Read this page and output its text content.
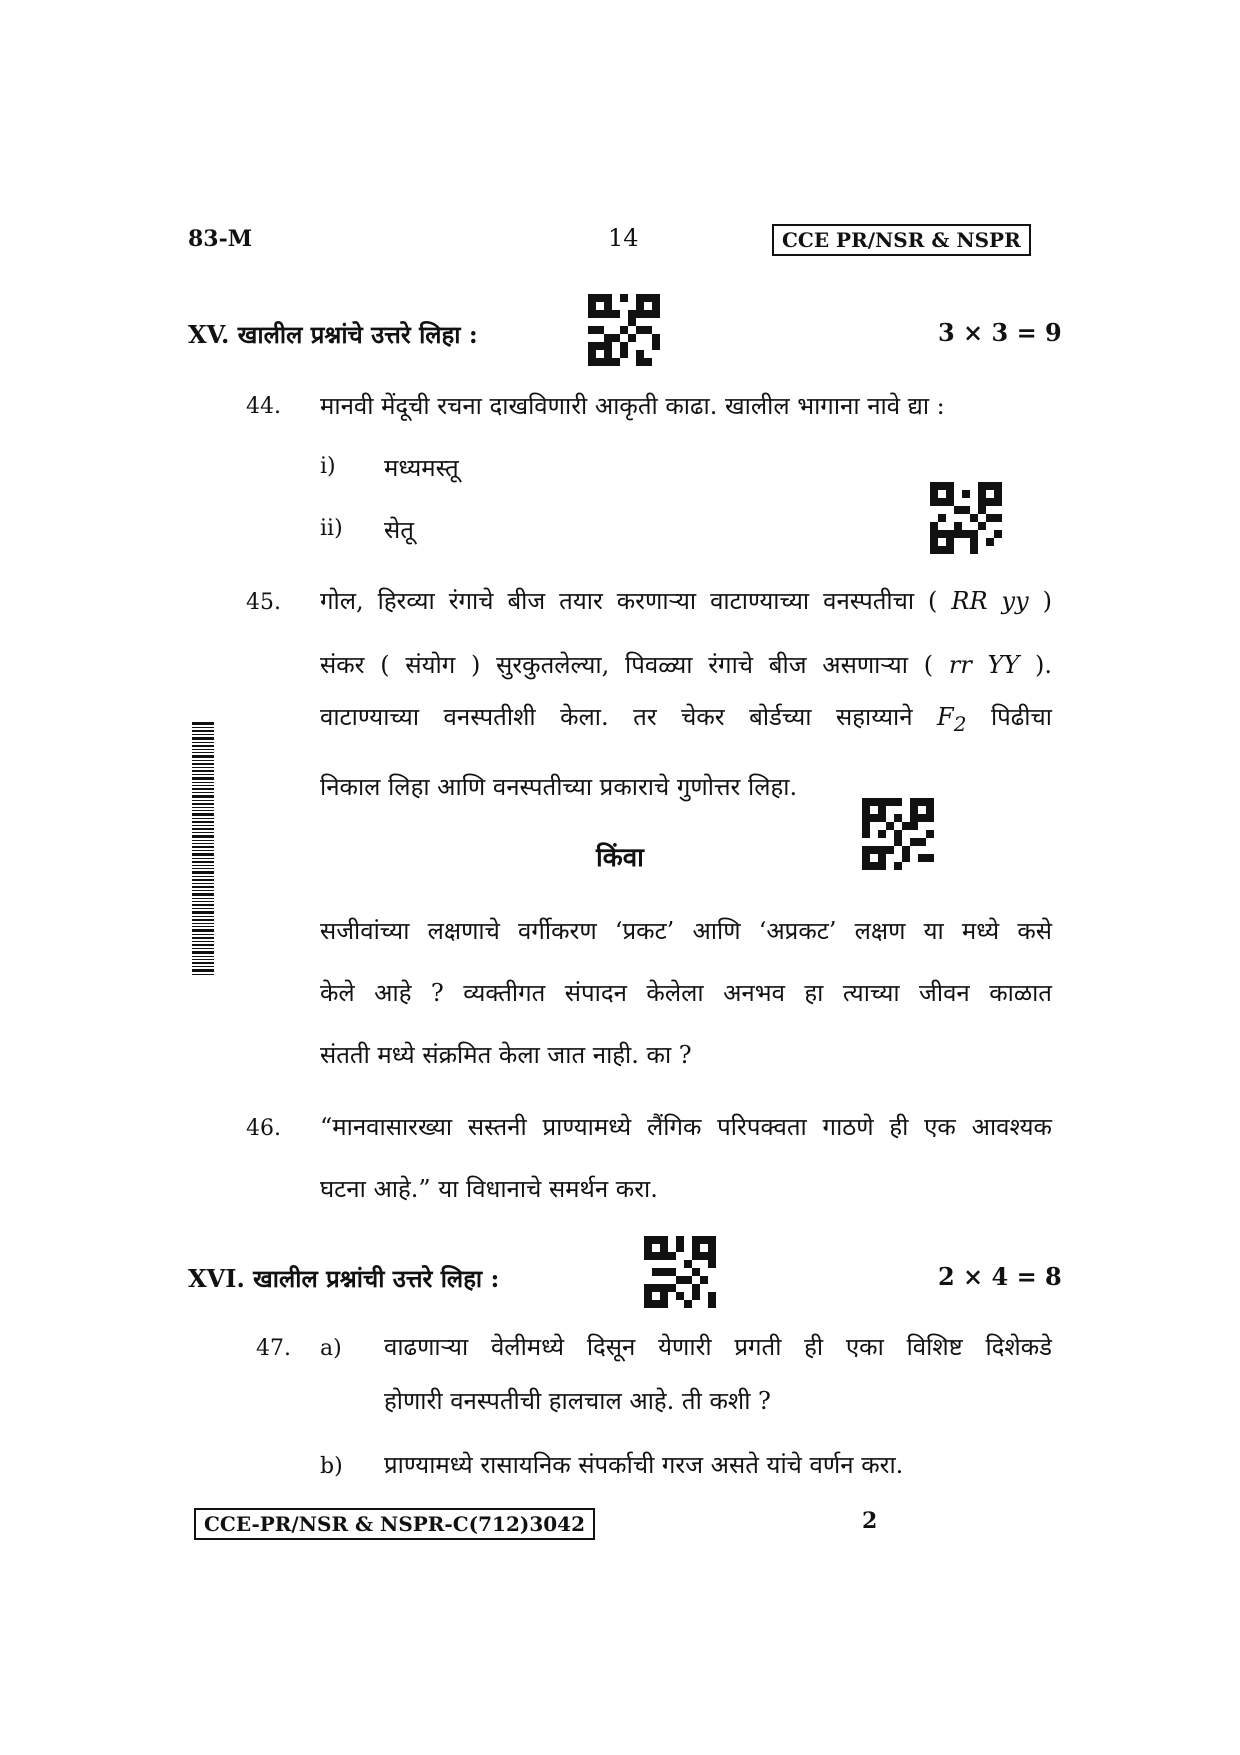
83-M	14	CCE PR/NSR & NSPR
XV. खालील प्रश्नांचे उत्तरे लिहा :	3 × 3 = 9
44. मानवी मेंदूची रचना दाखविणारी आकृती काढा. खालील भागाना नावे द्या :
i) मध्यमस्तू
ii) सेतू
45. गोल, हिरव्या रंगाचे बीज तयार करणाऱ्या वाटाण्याच्या वनस्पतीचा ( RR yy )
संकर ( संयोग ) सुरकुतलेल्या, पिवळ्या रंगाचे बीज असणाऱ्या ( rr YY ).
वाटाण्याच्या वनस्पतीशी केला. तर चेकर बोर्डच्या सहाय्याने $F_2$ पिढीचा
निकाल लिहा आणि वनस्पतीच्या प्रकाराचे गुणोत्तर लिहा.
किंवा
सजीवांच्या लक्षणाचे वर्गीकरण ‘प्रकट’ आणि ‘अप्रकट’ लक्षण या मध्ये कसे
केले आहे ? व्यक्तीगत संपादन केलेला अनभव हा त्याच्या जीवन काळात
संतती मध्ये संक्रमित केला जात नाही. का ?
46. “मानवासारख्या सस्तनी प्राण्यामध्ये लैंगिक परिपक्वता गाठणे ही एक आवश्यक
घटना आहे.” या विधानाचे समर्थन करा.
XVI. खालील प्रश्नांची उत्तरे लिहा :	2 × 4 = 8
47. a) वाढणाऱ्या वेलीमध्ये दिसून येणारी प्रगती ही एका विशिष्ट दिशेकडे
होणारी वनस्पतीची हालचाल आहे. ती कशी ?
b) प्राण्यामध्ये रासायनिक संपर्काची गरज असते यांचे वर्णन करा.
CCE-PR/NSR & NSPR-C(712)3042	2
